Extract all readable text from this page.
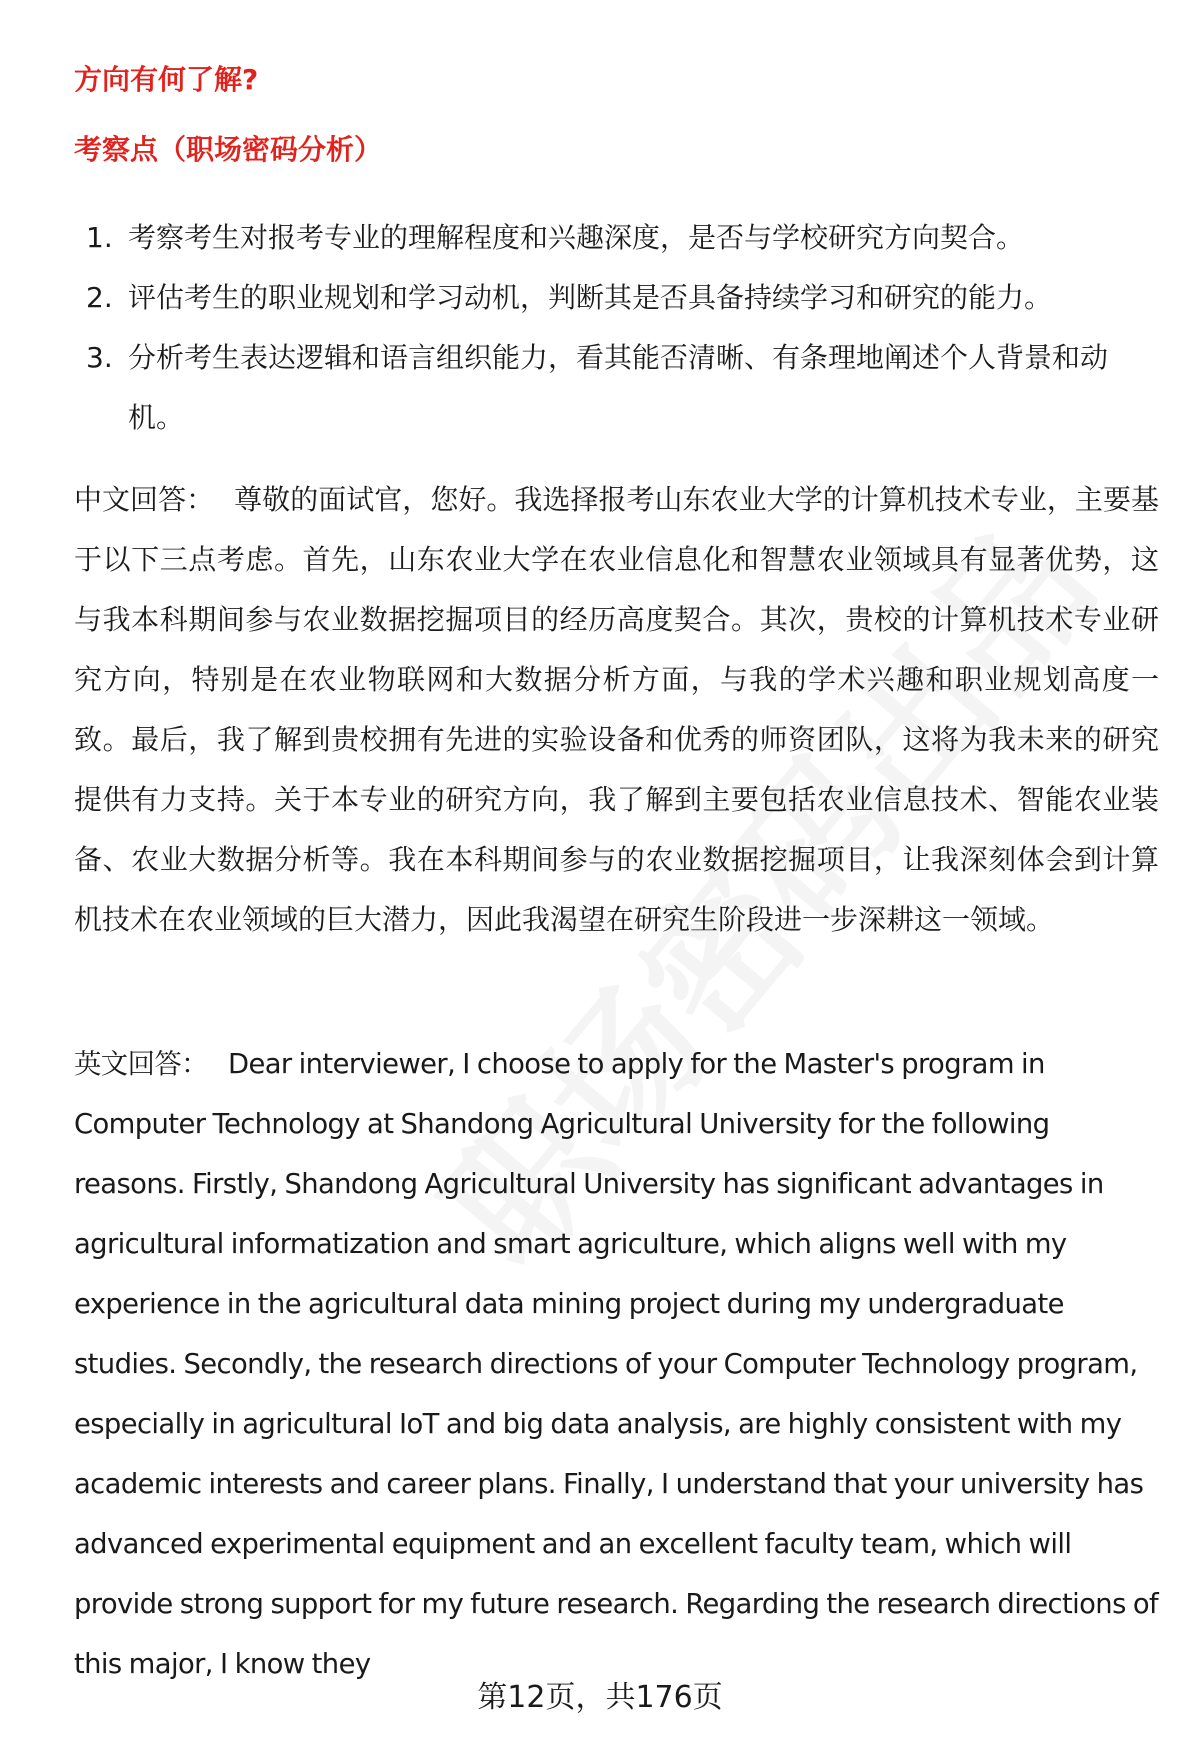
方向有何了解?
考察点（职场密码分析）
1. 考察考生对报考专业的理解程度和兴趣深度，是否与学校研究方向契合。
2. 评估考生的职业规划和学习动机，判断其是否具备持续学习和研究的能力。
3. 分析考生表达逻辑和语言组织能力，看其能否清晰、有条理地阐述个人背景和动机。

中文回答： 尊敬的面试官，您好。我选择报考山东农业大学的计算机技术专业，主要基于以下三点考虑。首先，山东农业大学在农业信息化和智慧农业领域具有显著优势，这与我本科期间参与农业数据挖掘项目的经历高度契合。其次，贵校的计算机技术专业研究方向，特别是在农业物联网和大数据分析方面，与我的学术兴趣和职业规划高度一致。最后，我了解到贵校拥有先进的实验设备和优秀的师资团队，这将为我未来的研究提供有力支持。关于本专业的研究方向，我了解到主要包括农业信息技术、智能农业装备、农业大数据分析等。我在本科期间参与的农业数据挖掘项目，让我深刻体会到计算机技术在农业领域的巨大潜力，因此我渴望在研究生阶段进一步深耕这一领域。

英文回答： Dear interviewer, I choose to apply for the Master's program in Computer Technology at Shandong Agricultural University for the following reasons. Firstly, Shandong Agricultural University has significant advantages in agricultural informatization and smart agriculture, which aligns well with my experience in the agricultural data mining project during my undergraduate studies. Secondly, the research directions of your Computer Technology program, especially in agricultural IoT and big data analysis, are highly consistent with my academic interests and career plans. Finally, I understand that your university has advanced experimental equipment and an excellent faculty team, which will provide strong support for my future research. Regarding the research directions of this major, I know they

第12页，共176页
